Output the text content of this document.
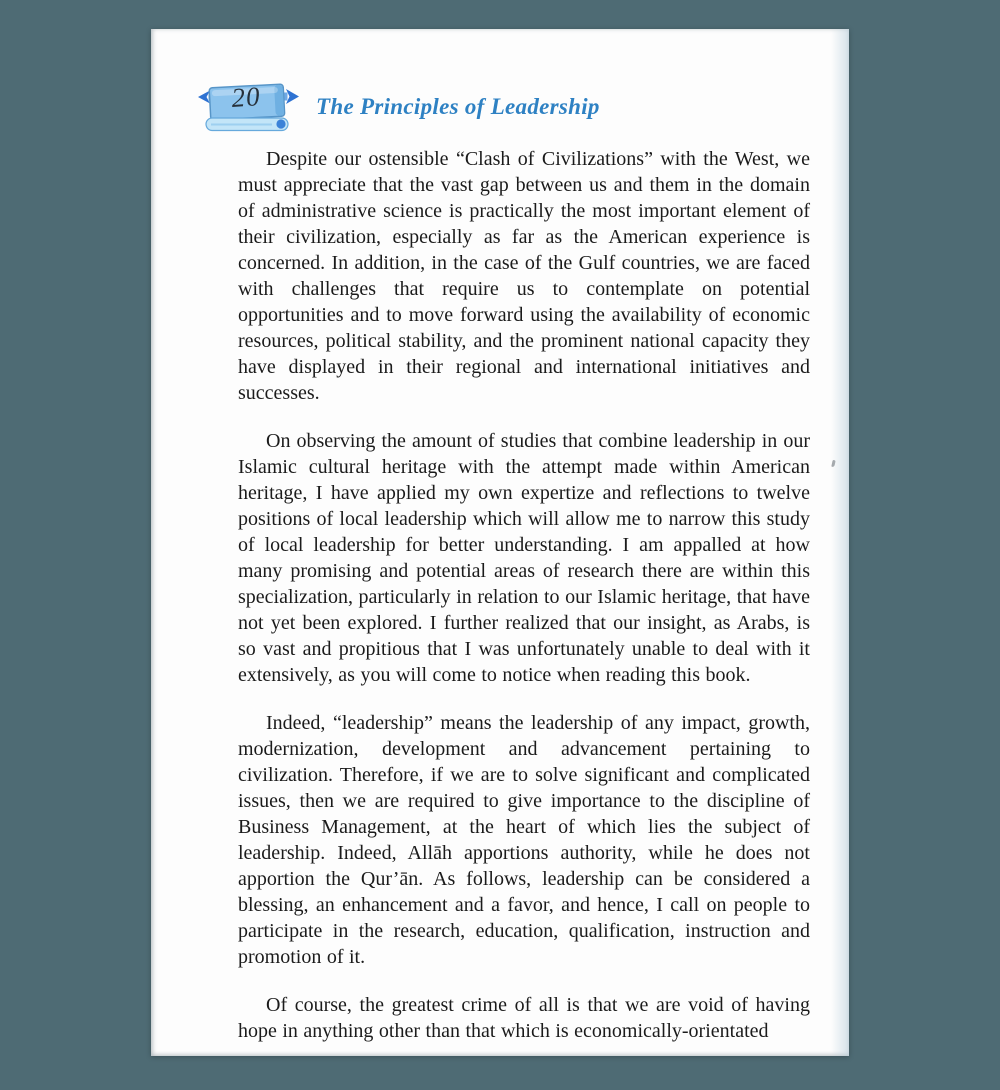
20	The Principles of Leadership

Despite our ostensible “Clash of Civilizations” with the West, we must appreciate that the vast gap between us and them in the domain of administrative science is practically the most important element of their civilization, especially as far as the American experience is concerned. In addition, in the case of the Gulf countries, we are faced with challenges that require us to contemplate on potential opportunities and to move forward using the availability of economic resources, political stability, and the prominent national capacity they have displayed in their regional and international initiatives and successes.

On observing the amount of studies that combine leadership in our Islamic cultural heritage with the attempt made within American heritage, I have applied my own expertize and reflections to twelve positions of local leadership which will allow me to narrow this study of local leadership for better understanding. I am appalled at how many promising and potential areas of research there are within this specialization, particularly in relation to our Islamic heritage, that have not yet been explored. I further realized that our insight, as Arabs, is so vast and propitious that I was unfortunately unable to deal with it extensively, as you will come to notice when reading this book.

Indeed, “leadership” means the leadership of any impact, growth, modernization, development and advancement pertaining to civilization. Therefore, if we are to solve significant and complicated issues, then we are required to give importance to the discipline of Business Management, at the heart of which lies the subject of leadership. Indeed, Allāh apportions authority, while he does not apportion the Qur’ān. As follows, leadership can be considered a blessing, an enhancement and a favor, and hence, I call on people to participate in the research, education, qualification, instruction and promotion of it.

Of course, the greatest crime of all is that we are void of having hope in anything other than that which is economically-orientated
